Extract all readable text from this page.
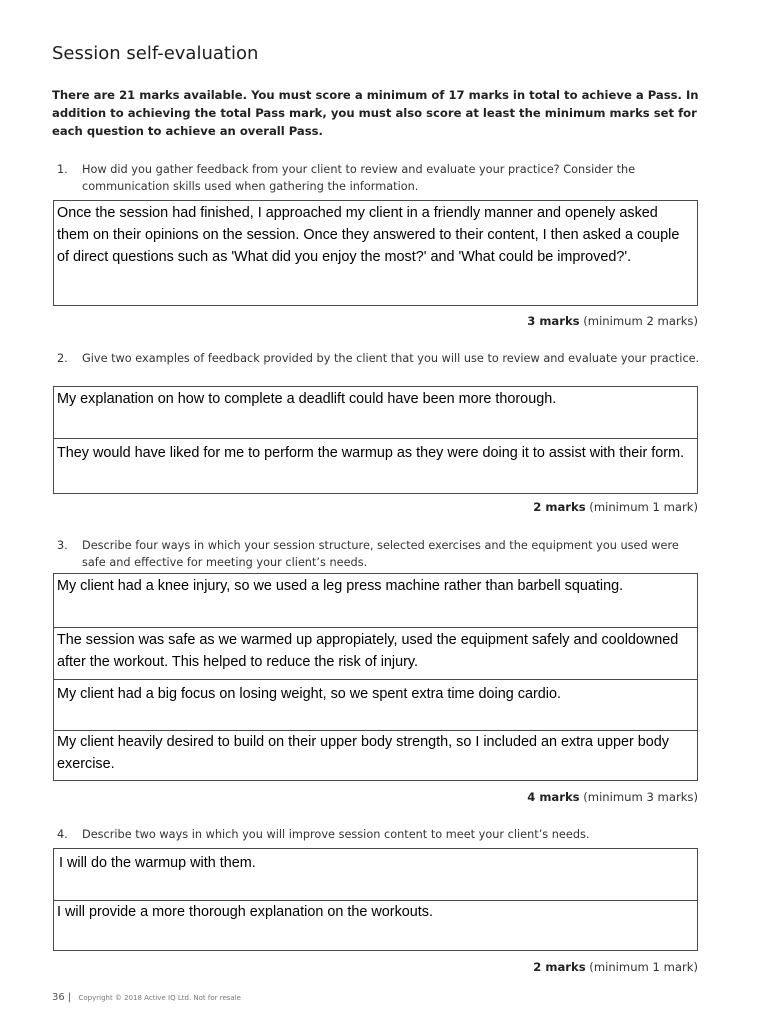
Session self-evaluation
There are 21 marks available. You must score a minimum of 17 marks in total to achieve a Pass. In addition to achieving the total Pass mark, you must also score at least the minimum marks set for each question to achieve an overall Pass.
1.	How did you gather feedback from your client to review and evaluate your practice? Consider the communication skills used when gathering the information.
Once the session had finished, I approached my client in a friendly manner and openely asked them on their opinions on the session. Once they answered to their content, I then asked a couple of direct questions such as 'What did you enjoy the most?' and 'What could be improved?'.
3 marks (minimum 2 marks)
2.	Give two examples of feedback provided by the client that you will use to review and evaluate your practice.
My explanation on how to complete a deadlift could have been more thorough.
They would have liked for me to perform the warmup as they were doing it to assist with their form.
2 marks (minimum 1 mark)
3.	Describe four ways in which your session structure, selected exercises and the equipment you used were safe and effective for meeting your client’s needs.
My client had a knee injury, so we used a leg press machine rather than barbell squating.
The session was safe as we warmed up appropiately, used the equipment safely and cooldowned after the workout. This helped to reduce the risk of injury.
My client had a big focus on losing weight, so we spent extra time doing cardio.
My client heavily desired to build on their upper body strength, so I included an extra upper body exercise.
4 marks (minimum 3 marks)
4.	Describe two ways in which you will improve session content to meet your client’s needs.
I will do the warmup with them.
I will provide a more thorough explanation on the workouts.
2 marks (minimum 1 mark)
36 | Copyright © 2018 Active IQ Ltd. Not for resale
